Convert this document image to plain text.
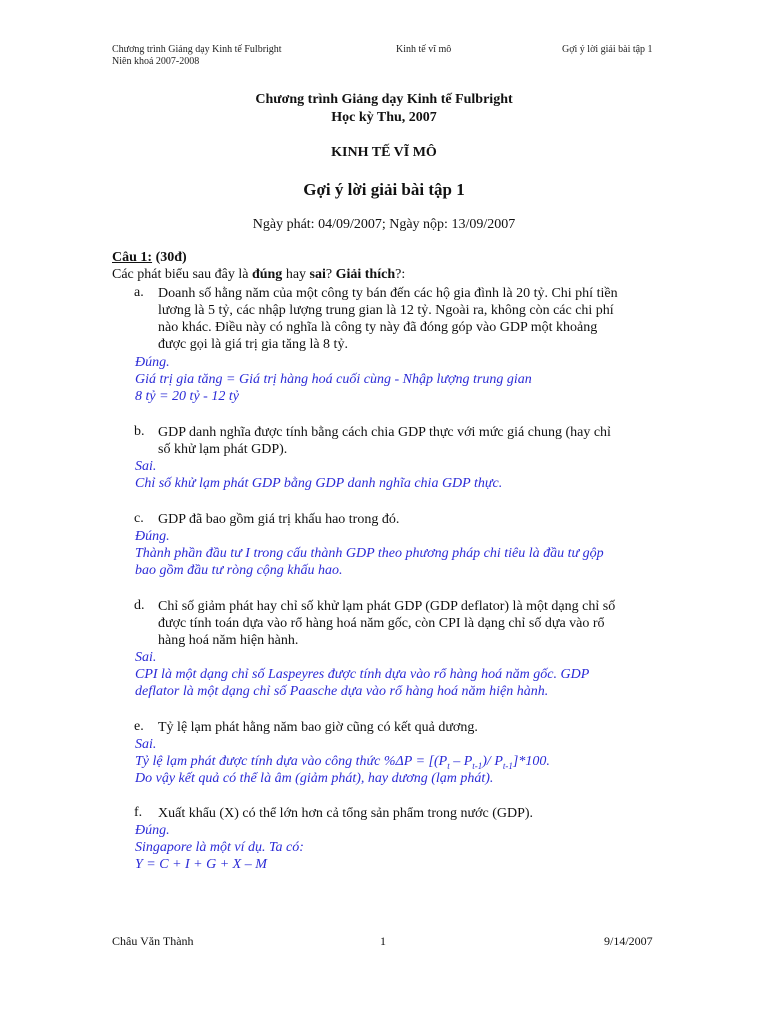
Chương trình Giảng dạy Kinh tế Fulbright
Niên khoá 2007-2008
Kinh tế vĩ mô	Gợi ý lời giải bài tập 1
Chương trình Giảng dạy Kinh tế Fulbright
Học kỳ Thu, 2007
KINH TẾ VĨ MÔ
Gợi ý lời giải bài tập 1
Ngày phát: 04/09/2007; Ngày nộp: 13/09/2007
Câu 1: (30đ)
Các phát biểu sau đây là đúng hay sai? Giải thích?:
a. Doanh số hằng năm của một công ty bán đến các hộ gia đình là 20 tỷ. Chi phí tiền
lương là 5 tỷ, các nhập lượng trung gian là 12 tỷ. Ngoài ra, không còn các chi phí
nào khác. Điều này có nghĩa là công ty này đã đóng góp vào GDP một khoảng
được gọi là giá trị gia tăng là 8 tỷ.
Đúng.
Giá trị gia tăng = Giá trị hàng hoá cuối cùng - Nhập lượng trung gian
8 tỷ = 20 tỷ - 12 tỷ
b. GDP danh nghĩa được tính bằng cách chia GDP thực với mức giá chung (hay chỉ
số khử lạm phát GDP).
Sai.
Chỉ số khử lạm phát GDP bằng GDP danh nghĩa chia GDP thực.
c. GDP đã bao gồm giá trị khấu hao trong đó.
Đúng.
Thành phần đầu tư I trong cấu thành GDP theo phương pháp chi tiêu là đầu tư gộp
bao gồm đầu tư ròng cộng khấu hao.
d. Chỉ số giảm phát hay chỉ số khử lạm phát GDP (GDP deflator) là một dạng chỉ số
được tính toán dựa vào rổ hàng hoá năm gốc, còn CPI là dạng chỉ số dựa vào rổ
hàng hoá năm hiện hành.
Sai.
CPI là một dạng chỉ số Laspeyres được tính dựa vào rổ hàng hoá năm gốc. GDP
deflator là một dạng chỉ số Paasche dựa vào rổ hàng hoá năm hiện hành.
e. Tỷ lệ lạm phát hằng năm bao giờ cũng có kết quả dương.
Sai.
Tỷ lệ lạm phát được tính dựa vào công thức $\%\Delta P = [(P_t - P_{t-1})/$ $P_{t-1}]*100$.
Do vậy kết quả có thể là âm (giảm phát), hay dương (lạm phát).
f. Xuất khẩu (X) có thể lớn hơn cả tổng sản phẩm trong nước (GDP).
Đúng.
Singapore là một ví dụ. Ta có:
Y = C + I + G + X – M
Châu Văn Thành	1	9/14/2007
